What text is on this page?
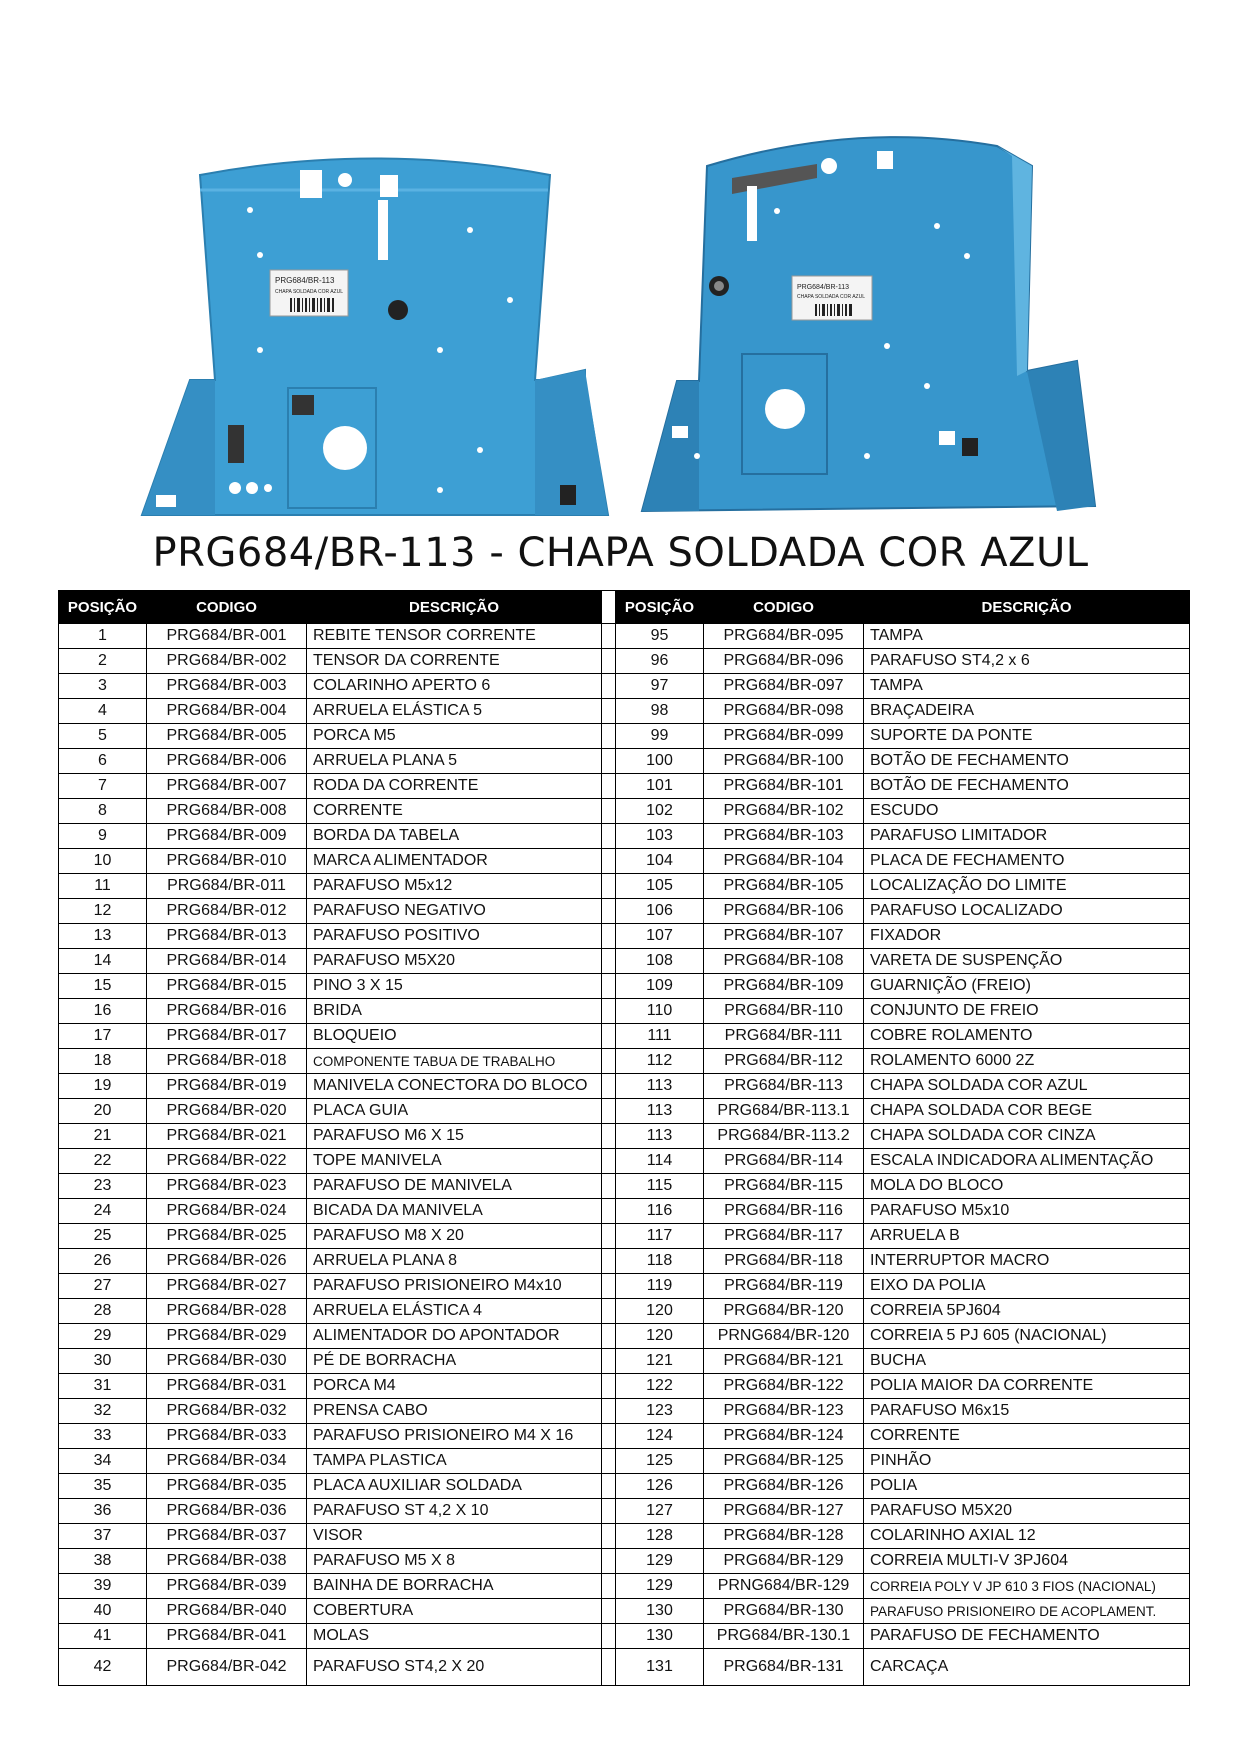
PRG684/BR-113
CHAPA SOLDADA COR AZUL
PRG684/BR-113
CHAPA SOLDADA COR AZUL
PRG684/BR-113 - CHAPA SOLDADA COR AZUL
POSIÇÃO	CODIGO	DESCRIÇÃO		POSIÇÃO	CODIGO	DESCRIÇÃO
1	PRG684/BR-001	REBITE TENSOR CORRENTE		95	PRG684/BR-095	TAMPA
2	PRG684/BR-002	TENSOR DA CORRENTE		96	PRG684/BR-096	PARAFUSO ST4,2 x 6
3	PRG684/BR-003	COLARINHO APERTO 6		97	PRG684/BR-097	TAMPA
4	PRG684/BR-004	ARRUELA ELÁSTICA 5		98	PRG684/BR-098	BRAÇADEIRA
5	PRG684/BR-005	PORCA M5		99	PRG684/BR-099	SUPORTE DA PONTE
6	PRG684/BR-006	ARRUELA PLANA 5		100	PRG684/BR-100	BOTÃO DE FECHAMENTO
7	PRG684/BR-007	RODA DA CORRENTE		101	PRG684/BR-101	BOTÃO DE FECHAMENTO
8	PRG684/BR-008	CORRENTE		102	PRG684/BR-102	ESCUDO
9	PRG684/BR-009	BORDA DA TABELA		103	PRG684/BR-103	PARAFUSO LIMITADOR
10	PRG684/BR-010	MARCA ALIMENTADOR		104	PRG684/BR-104	PLACA DE FECHAMENTO
11	PRG684/BR-011	PARAFUSO M5x12		105	PRG684/BR-105	LOCALIZAÇÃO DO LIMITE
12	PRG684/BR-012	PARAFUSO NEGATIVO		106	PRG684/BR-106	PARAFUSO LOCALIZADO
13	PRG684/BR-013	PARAFUSO POSITIVO		107	PRG684/BR-107	FIXADOR
14	PRG684/BR-014	PARAFUSO M5X20		108	PRG684/BR-108	VARETA DE SUSPENÇÃO
15	PRG684/BR-015	PINO 3 X 15		109	PRG684/BR-109	GUARNIÇÃO (FREIO)
16	PRG684/BR-016	BRIDA		110	PRG684/BR-110	CONJUNTO DE FREIO
17	PRG684/BR-017	BLOQUEIO		111	PRG684/BR-111	COBRE ROLAMENTO
18	PRG684/BR-018	COMPONENTE TABUA DE TRABALHO		112	PRG684/BR-112	ROLAMENTO 6000 2Z
19	PRG684/BR-019	MANIVELA CONECTORA DO BLOCO		113	PRG684/BR-113	CHAPA SOLDADA COR AZUL
20	PRG684/BR-020	PLACA GUIA		113	PRG684/BR-113.1	CHAPA SOLDADA COR BEGE
21	PRG684/BR-021	PARAFUSO M6 X 15		113	PRG684/BR-113.2	CHAPA SOLDADA COR CINZA
22	PRG684/BR-022	TOPE MANIVELA		114	PRG684/BR-114	ESCALA INDICADORA ALIMENTAÇÃO
23	PRG684/BR-023	PARAFUSO DE MANIVELA		115	PRG684/BR-115	MOLA DO BLOCO
24	PRG684/BR-024	BICADA DA MANIVELA		116	PRG684/BR-116	PARAFUSO M5x10
25	PRG684/BR-025	PARAFUSO M8 X 20		117	PRG684/BR-117	ARRUELA B
26	PRG684/BR-026	ARRUELA PLANA 8		118	PRG684/BR-118	INTERRUPTOR MACRO
27	PRG684/BR-027	PARAFUSO PRISIONEIRO M4x10		119	PRG684/BR-119	EIXO DA POLIA
28	PRG684/BR-028	ARRUELA ELÁSTICA 4		120	PRG684/BR-120	CORREIA 5PJ604
29	PRG684/BR-029	ALIMENTADOR DO APONTADOR		120	PRNG684/BR-120	CORREIA 5 PJ 605 (NACIONAL)
30	PRG684/BR-030	PÉ DE BORRACHA		121	PRG684/BR-121	BUCHA
31	PRG684/BR-031	PORCA M4		122	PRG684/BR-122	POLIA MAIOR DA CORRENTE
32	PRG684/BR-032	PRENSA CABO		123	PRG684/BR-123	PARAFUSO M6x15
33	PRG684/BR-033	PARAFUSO PRISIONEIRO M4 X 16		124	PRG684/BR-124	CORRENTE
34	PRG684/BR-034	TAMPA PLASTICA		125	PRG684/BR-125	PINHÃO
35	PRG684/BR-035	PLACA AUXILIAR SOLDADA		126	PRG684/BR-126	POLIA
36	PRG684/BR-036	PARAFUSO ST 4,2 X 10		127	PRG684/BR-127	PARAFUSO M5X20
37	PRG684/BR-037	VISOR		128	PRG684/BR-128	COLARINHO AXIAL 12
38	PRG684/BR-038	PARAFUSO M5 X 8		129	PRG684/BR-129	CORREIA MULTI-V 3PJ604
39	PRG684/BR-039	BAINHA DE BORRACHA		129	PRNG684/BR-129	CORREIA POLY V JP 610 3 FIOS (NACIONAL)
40	PRG684/BR-040	COBERTURA		130	PRG684/BR-130	PARAFUSO PRISIONEIRO DE ACOPLAMENT.
41	PRG684/BR-041	MOLAS		130	PRG684/BR-130.1	PARAFUSO DE FECHAMENTO
42	PRG684/BR-042	PARAFUSO ST4,2 X 20		131	PRG684/BR-131	CARCAÇA
